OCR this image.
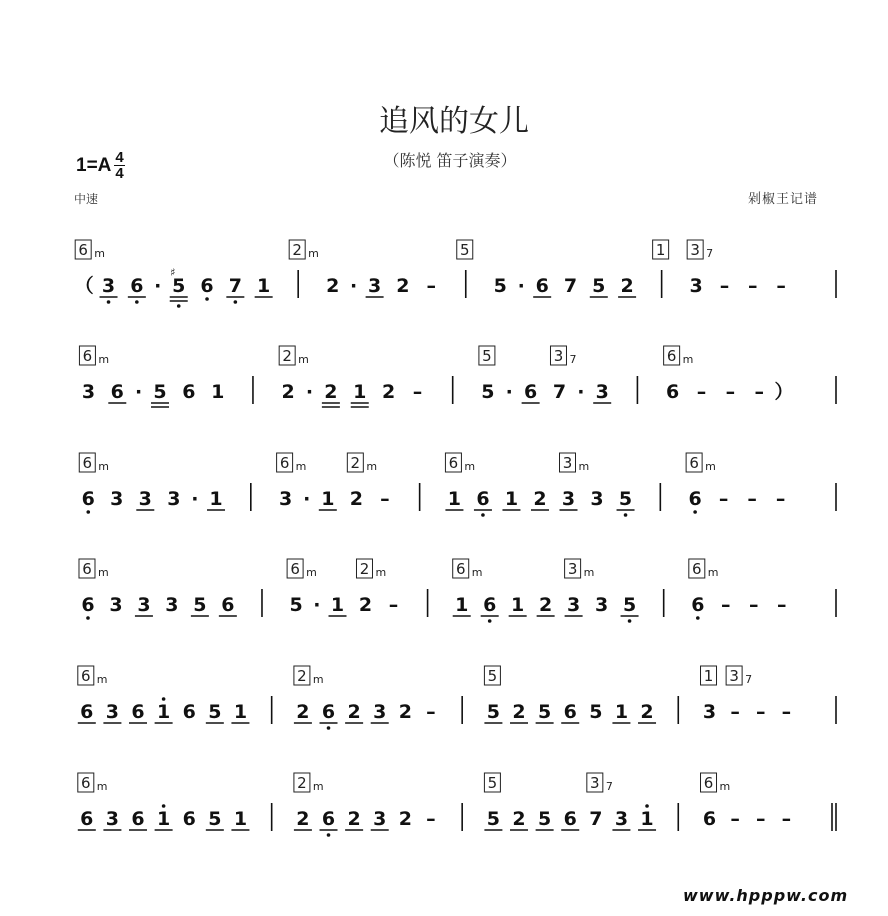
追风的女儿
（陈悦 笛子演奏）
$1=A \frac{4}{4}$
中速	剁椒王记谱
www.hpppw.com
（ 3 6 · 5
♯
6 7 1	2 · 3 2 –	5 · 6 7 5 2	3 – – –
6 m	2 m	5	1 3 7
3 6 · 5 6 1	2 · 2 1 2 –	5 · 6 7 · 3	6 – – – ）
6 m	2 m	5	3 7	6 m
6 3 3 3 · 1	3 · 1 2 –	1 6 1 2 3 3 5	6 – – –
6 m	6 m	2 m	6 m	3 m	6 m
6 3 3 3 5 6	5 · 1 2 –	1 6 1 2 3 3 5	6 – – –
6 m	6 m	2 m	6 m	3 m	6 m
6 3 6 1 6 5 1	2 6 2 3 2 –	5 2 5 6 5 1 2	3 – – –
6 m	2 m	5	1 3 7
6 3 6 1 6 5 1	2 6 2 3 2 –	5 2 5 6 7 3 1	6 – – –
6 m	2 m	5	3 7	6 m
